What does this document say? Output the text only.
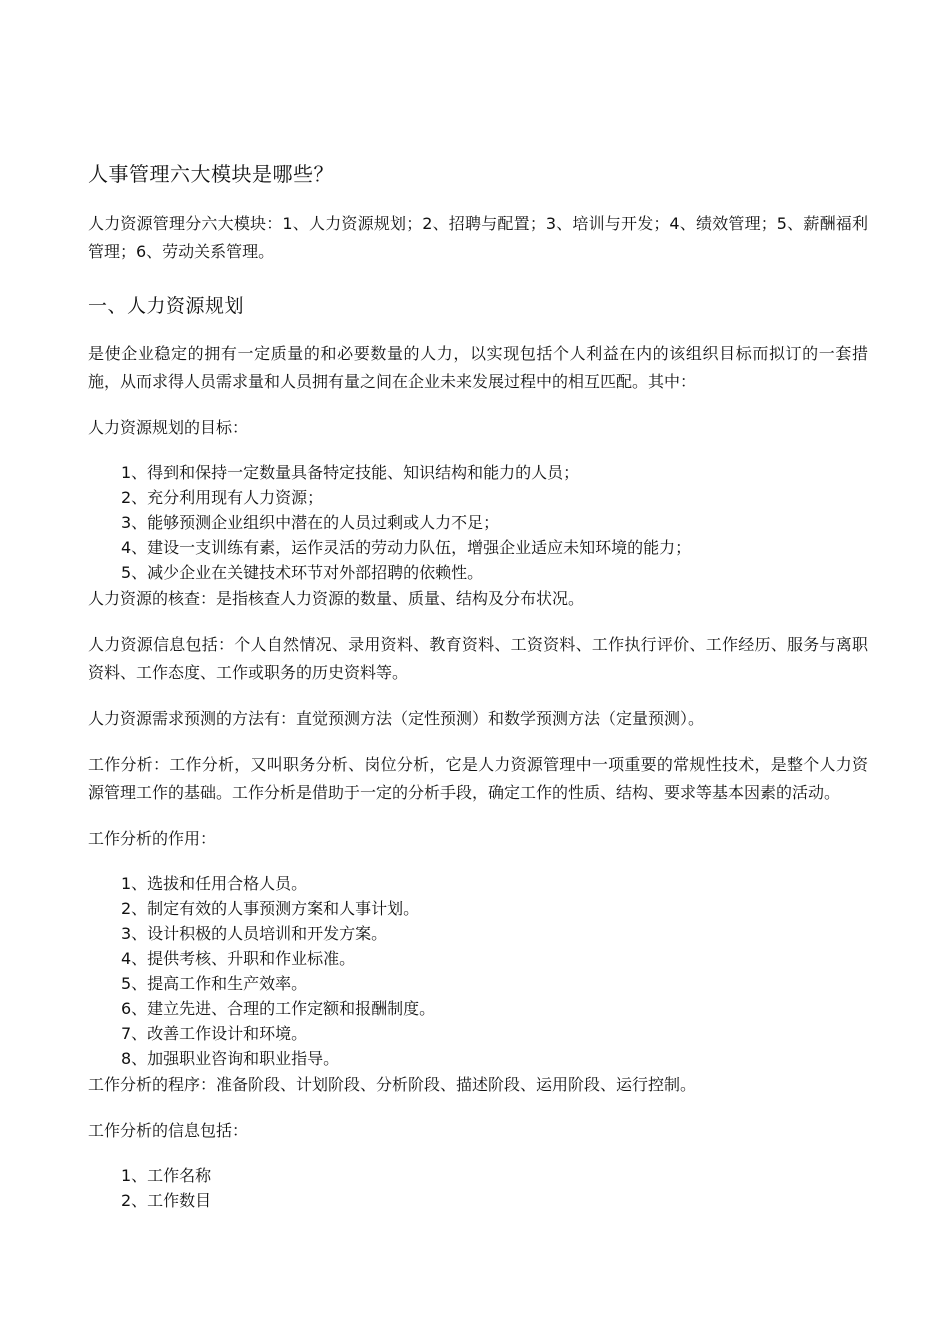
人事管理六大模块是哪些？

人力资源管理分六大模块：1、人力资源规划；2、招聘与配置；3、培训与开发；4、绩效管理；5、薪酬福利管理；6、劳动关系管理。

一、人力资源规划

是使企业稳定的拥有一定质量的和必要数量的人力，以实现包括个人利益在内的该组织目标而拟订的一套措施，从而求得人员需求量和人员拥有量之间在企业未来发展过程中的相互匹配。其中：

人力资源规划的目标：

1、得到和保持一定数量具备特定技能、知识结构和能力的人员；
2、充分利用现有人力资源；
3、能够预测企业组织中潜在的人员过剩或人力不足；
4、建设一支训练有素，运作灵活的劳动力队伍，增强企业适应未知环境的能力；
5、减少企业在关键技术环节对外部招聘的依赖性。

人力资源的核查：是指核查人力资源的数量、质量、结构及分布状况。

人力资源信息包括：个人自然情况、录用资料、教育资料、工资资料、工作执行评价、工作经历、服务与离职资料、工作态度、工作或职务的历史资料等。

人力资源需求预测的方法有：直觉预测方法（定性预测）和数学预测方法（定量预测）。

工作分析：工作分析，又叫职务分析、岗位分析，它是人力资源管理中一项重要的常规性技术，是整个人力资源管理工作的基础。工作分析是借助于一定的分析手段，确定工作的性质、结构、要求等基本因素的活动。

工作分析的作用：

1、选拔和任用合格人员。
2、制定有效的人事预测方案和人事计划。
3、设计积极的人员培训和开发方案。
4、提供考核、升职和作业标准。
5、提高工作和生产效率。
6、建立先进、合理的工作定额和报酬制度。
7、改善工作设计和环境。
8、加强职业咨询和职业指导。

工作分析的程序：准备阶段、计划阶段、分析阶段、描述阶段、运用阶段、运行控制。

工作分析的信息包括：

1、工作名称
2、工作数目
